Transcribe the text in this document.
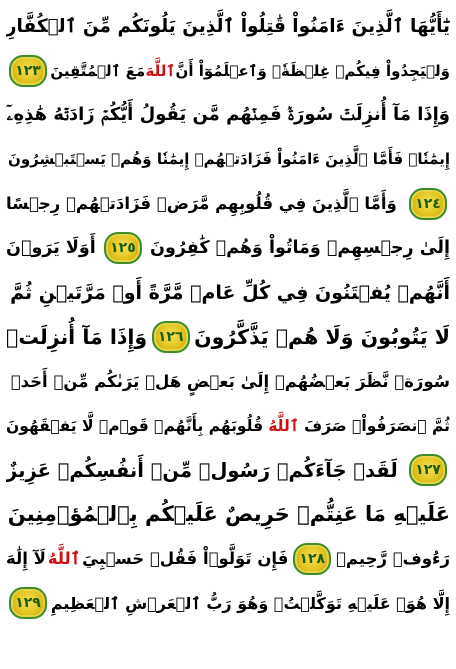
يَٰٓأَيُّهَا ٱلَّذِينَ ءَامَنُواْ قَٰتِلُواْ ٱلَّذِينَ يَلُونَكُم مِّنَ ٱلۡكُفَّارِ
وَلۡيَجِدُواْ فِيكُمۡ غِلۡظَةٗۚ وَٱعۡلَمُوٓاْ أَنَّ
ٱللَّهَ
مَعَ ٱلۡمُتَّقِينَ
١٢٣
وَإِذَا مَآ أُنزِلَتۡ سُورَةٞ فَمِنۡهُم مَّن يَقُولُ أَيُّكُمۡ زَادَتۡهُ هَٰذِهِۦٓ
إِيمَٰنٗاۚ فَأَمَّا ٱلَّذِينَ ءَامَنُواْ فَزَادَتۡهُمۡ إِيمَٰنٗا وَهُمۡ يَسۡتَبۡشِرُونَ
١٢٤
وَأَمَّا ٱلَّذِينَ فِي قُلُوبِهِم مَّرَضٞ فَزَادَتۡهُمۡ رِجۡسًا
إِلَىٰ رِجۡسِهِمۡ وَمَاتُواْ وَهُمۡ كَٰفِرُونَ
١٢٥
أَوَلَا يَرَوۡنَ
أَنَّهُمۡ يُفۡتَنُونَ فِي كُلِّ عَامٖ مَّرَّةً أَوۡ مَرَّتَيۡنِ ثُمَّ
لَا يَتُوبُونَ وَلَا هُمۡ يَذَّكَّرُونَ
١٢٦
وَإِذَا مَآ أُنزِلَتۡ
سُورَةٞ نَّظَرَ بَعۡضُهُمۡ إِلَىٰ بَعۡضٍ هَلۡ يَرَىٰكُم مِّنۡ أَحَدٖ
ثُمَّ ٱنصَرَفُواْۚ صَرَفَ
ٱللَّهُ
قُلُوبَهُم بِأَنَّهُمۡ قَوۡمٞ لَّا يَفۡقَهُونَ
١٢٧
لَقَدۡ جَآءَكُمۡ رَسُولٞ مِّنۡ أَنفُسِكُمۡ عَزِيزٌ
عَلَيۡهِ مَا عَنِتُّمۡ حَرِيصٌ عَلَيۡكُم بِٱلۡمُؤۡمِنِينَ
رَءُوفٞ رَّحِيمٞ
١٢٨
فَإِن تَوَلَّوۡاْ فَقُلۡ حَسۡبِيَ
ٱللَّهُ
لَآ إِلَٰهَ
إِلَّا هُوَۖ عَلَيۡهِ تَوَكَّلۡتُۖ وَهُوَ رَبُّ ٱلۡعَرۡشِ ٱلۡعَظِيمِ
١٢٩
